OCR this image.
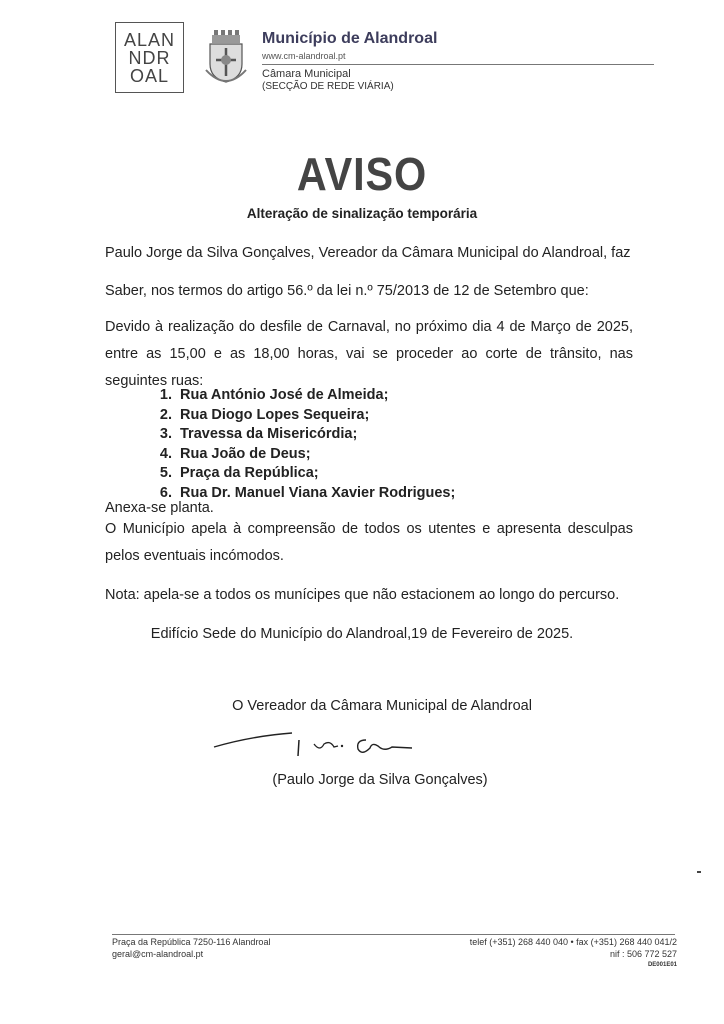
ALAN
NDR
OAL
Município de Alandroal
www.cm-alandroal.pt
Câmara Municipal
(SECÇÃO DE REDE VIÁRIA)
AVISO
Alteração de sinalização temporária
Paulo Jorge da Silva Gonçalves, Vereador da Câmara Municipal do Alandroal, faz
Saber, nos termos do artigo 56.º da lei n.º 75/2013 de 12 de Setembro que:
Devido à realização do desfile de Carnaval, no próximo dia 4 de Março de 2025, entre as 15,00 e as 18,00 horas, vai se proceder ao corte de trânsito, nas seguintes ruas:
1. Rua António José de Almeida;
2. Rua Diogo Lopes Sequeira;
3. Travessa da Misericórdia;
4. Rua João de Deus;
5. Praça da República;
6. Rua Dr. Manuel Viana Xavier Rodrigues;
Anexa-se planta.
O Município apela à compreensão de todos os utentes e apresenta desculpas pelos eventuais incómodos.
Nota: apela-se a todos os munícipes que não estacionem ao longo do percurso.
Edifício Sede do Município do Alandroal,19 de Fevereiro de 2025.
O Vereador da Câmara Municipal de Alandroal
(Paulo Jorge da Silva Gonçalves)
Praça da República 7250-116 Alandroal
geral@cm-alandroal.pt
telef (+351) 268 440 040 • fax (+351) 268 440 041/2
nif : 506 772 527
DE001E01
